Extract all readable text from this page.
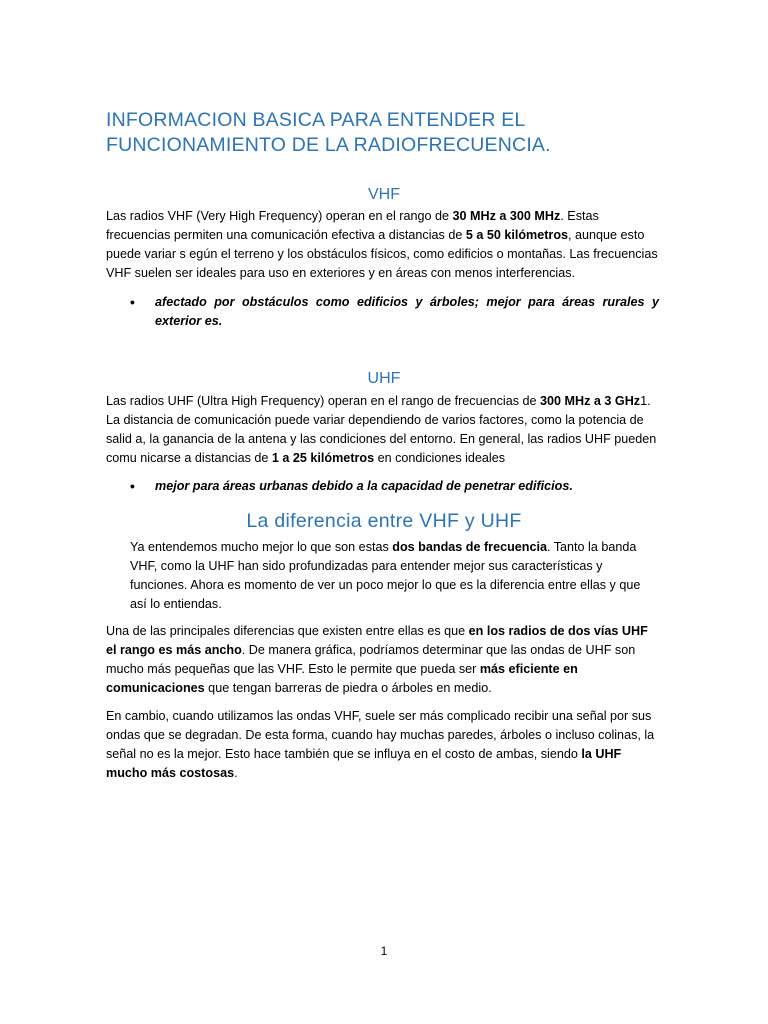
INFORMACION BASICA PARA ENTENDER EL FUNCIONAMIENTO DE LA RADIOFRECUENCIA.
VHF

Las radios VHF (Very High Frequency) operan en el rango de 30 MHz a 300 MHz. Estas frecuencias permiten una comunicación efectiva a distancias de 5 a 50 kilómetros, aunque esto puede variar s egún el terreno y los obstáculos físicos, como edificios o montañas. Las frecuencias VHF suelen ser ideales para uso en exteriores y en áreas con menos interferencias.

• afectado por obstáculos como edificios y árboles; mejor para áreas rurales y exterior es.
UHF

Las radios UHF (Ultra High Frequency) operan en el rango de frecuencias de 300 MHz a 3 GHz1. La distancia de comunicación puede variar dependiendo de varios factores, como la potencia de salid a, la ganancia de la antena y las condiciones del entorno. En general, las radios UHF pueden comu nicarse a distancias de 1 a 25 kilómetros en condiciones ideales

• mejor para áreas urbanas debido a la capacidad de penetrar edificios.
La diferencia entre VHF y UHF

Ya entendemos mucho mejor lo que son estas dos bandas de frecuencia. Tanto la banda VHF, como la UHF han sido profundizadas para entender mejor sus características y funciones. Ahora es momento de ver un poco mejor lo que es la diferencia entre ellas y que así lo entiendas.

Una de las principales diferencias que existen entre ellas es que en los radios de dos vías UHF el rango es más ancho. De manera gráfica, podríamos determinar que las ondas de UHF son mucho más pequeñas que las VHF. Esto le permite que pueda ser más eficiente en comunicaciones que tengan barreras de piedra o árboles en medio.

En cambio, cuando utilizamos las ondas VHF, suele ser más complicado recibir una señal por sus ondas que se degradan. De esta forma, cuando hay muchas paredes, árboles o incluso colinas, la señal no es la mejor. Esto hace también que se influya en el costo de ambas, siendo la UHF mucho más costosas.

1
